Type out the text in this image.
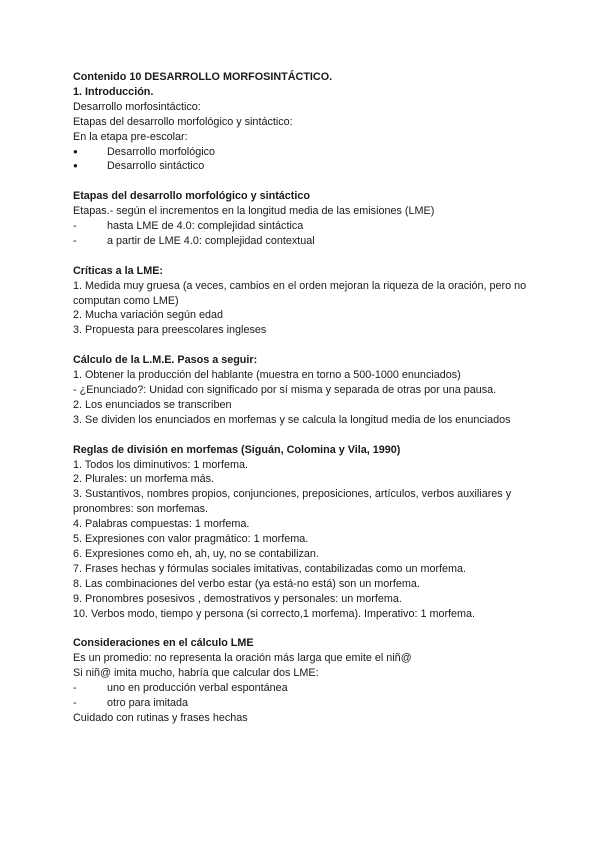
Contenido 10 DESARROLLO MORFOSINTÁCTICO.
1. Introducción.
Desarrollo morfosintáctico:
Etapas del desarrollo morfológico y sintáctico:
En la etapa pre-escolar:
●	Desarrollo morfológico
●	Desarrollo sintáctico
Etapas del desarrollo morfológico y sintáctico
Etapas.- según el incrementos en la longitud media de las emisiones (LME)
-	hasta LME de 4.0: complejidad sintáctica
-	a partir de LME 4.0: complejidad contextual
Críticas a la LME:
1. Medida muy gruesa (a veces, cambios en el orden mejoran la riqueza de la oración, pero no computan como LME)
2. Mucha variación según edad
3. Propuesta para preescolares ingleses
Cálculo de la L.M.E. Pasos a seguir:
1. Obtener la producción del hablante (muestra en torno a 500-1000 enunciados)
- ¿Enunciado?: Unidad con significado por sí misma y separada de otras por una pausa.
2. Los enunciados se transcriben
3. Se dividen los enunciados en morfemas y se calcula la longitud media de los enunciados
Reglas de división en morfemas (Siguán, Colomina y Vila, 1990)
1. Todos los diminutivos: 1 morfema.
2. Plurales: un morfema más.
3. Sustantivos, nombres propios, conjunciones, preposiciones, artículos, verbos auxiliares y pronombres: son morfemas.
4. Palabras compuestas: 1 morfema.
5. Expresiones con valor pragmático: 1 morfema.
6. Expresiones como eh, ah, uy, no se contabilizan.
7. Frases hechas y fórmulas sociales imitativas, contabilizadas como un morfema.
8. Las combinaciones del verbo estar (ya está-no está) son un morfema.
9. Pronombres posesivos , demostrativos y personales: un morfema.
10. Verbos modo, tiempo y persona (si correcto,1 morfema). Imperativo: 1 morfema.
Consideraciones en el cálculo LME
Es un promedio: no representa la oración más larga que emite el niñ@
Si niñ@ imita mucho, habría que calcular dos LME:
-	uno en producción verbal espontánea
-	otro para imitada
Cuidado con rutinas y frases hechas
